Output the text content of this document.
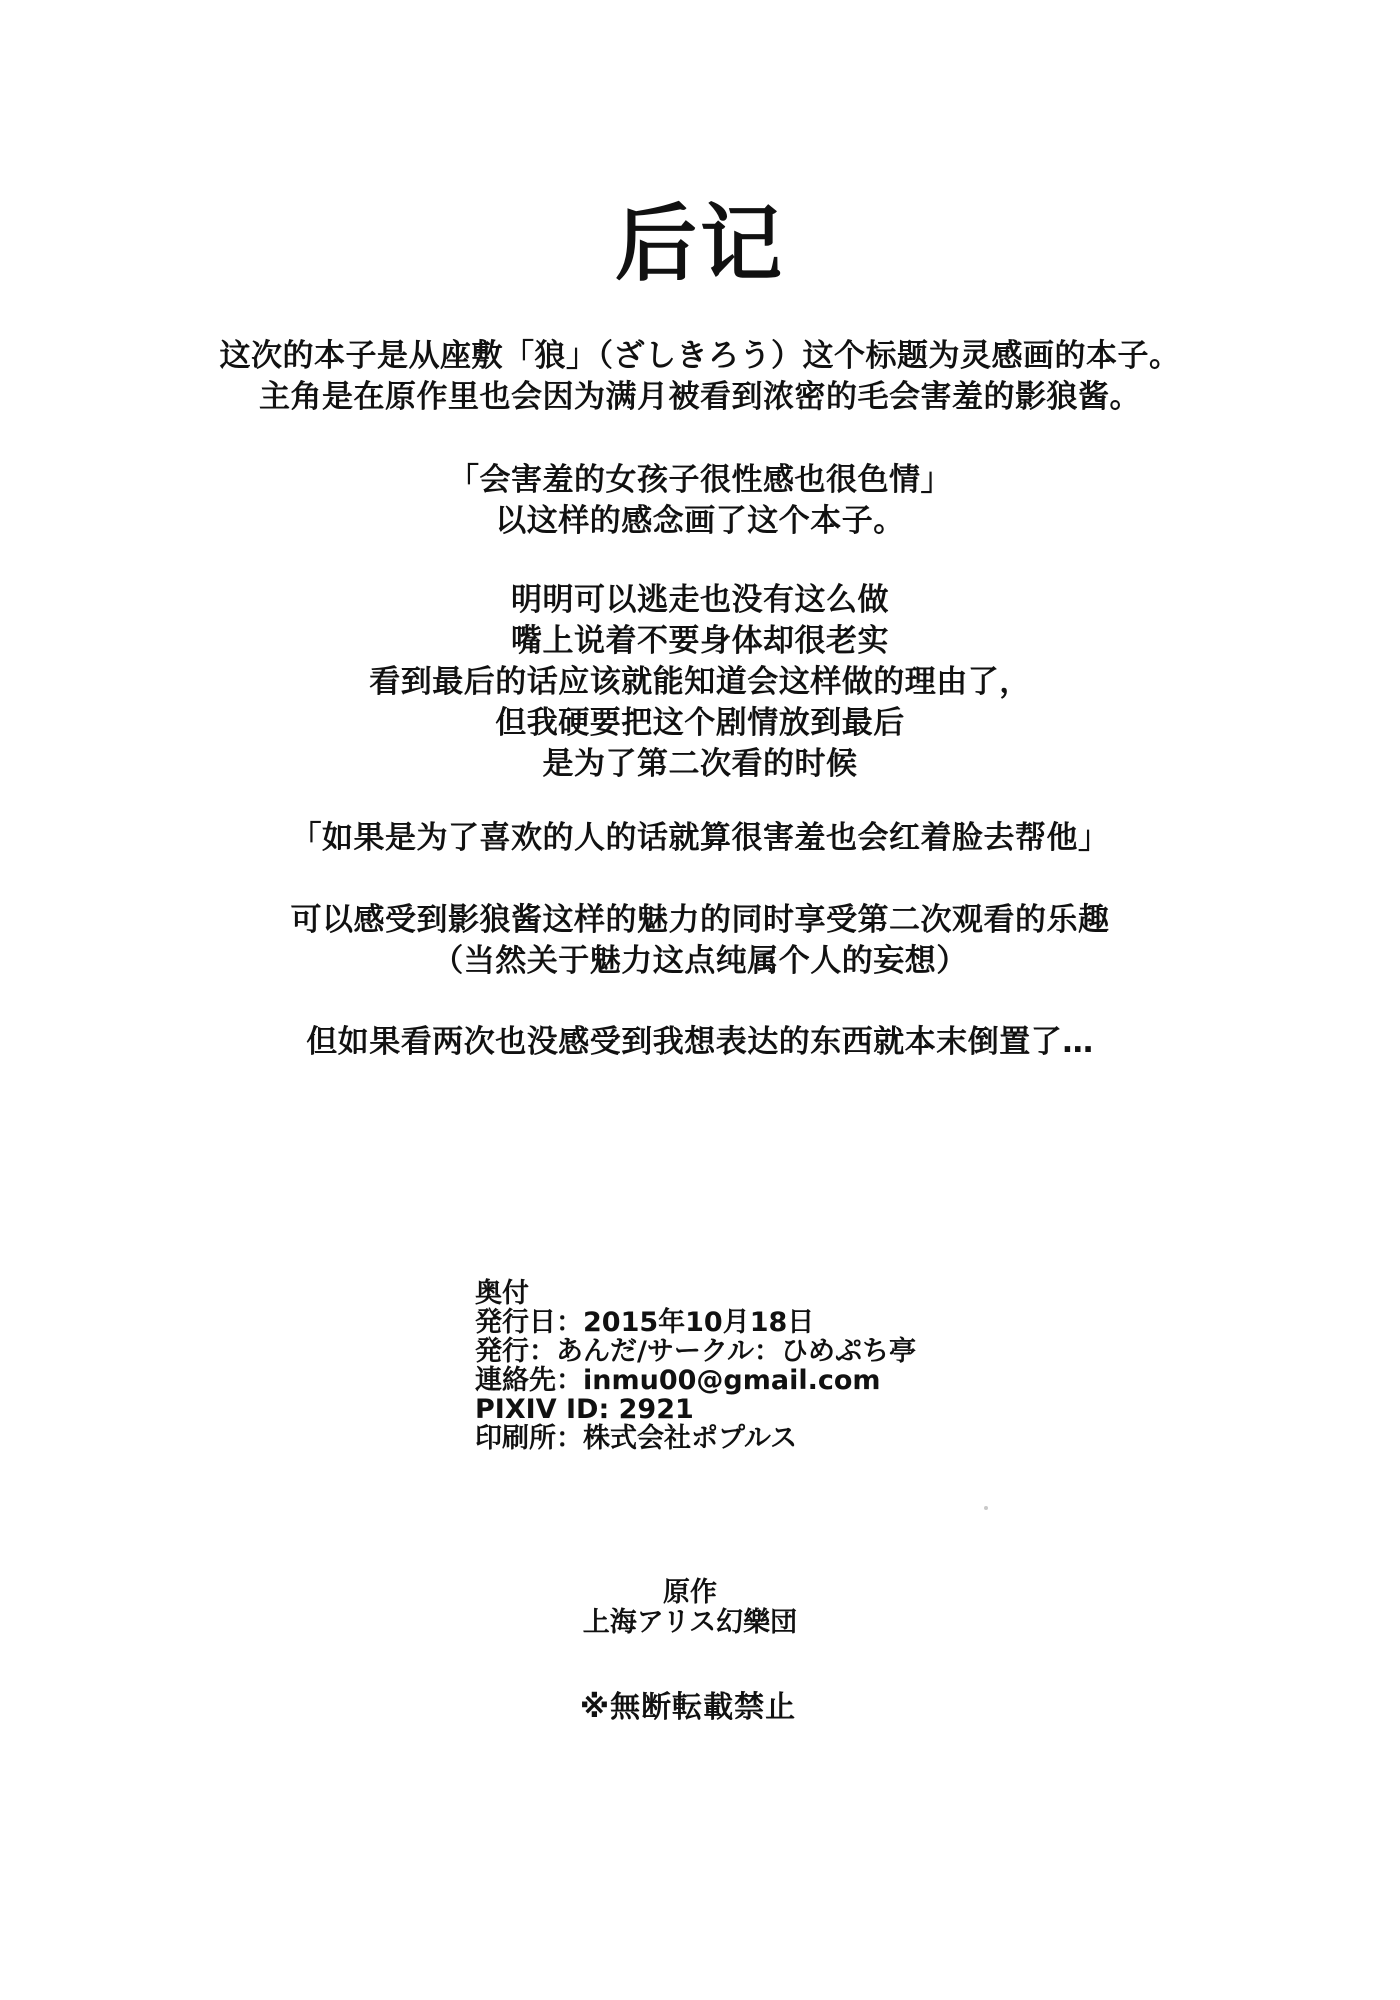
后记
这次的本子是从座敷「狼」（ざしきろう）这个标题为灵感画的本子。
主角是在原作里也会因为满月被看到浓密的毛会害羞的影狼酱。
「会害羞的女孩子很性感也很色情」
以这样的感念画了这个本子。
明明可以逃走也没有这么做
嘴上说着不要身体却很老实
看到最后的话应该就能知道会这样做的理由了，
但我硬要把这个剧情放到最后
是为了第二次看的时候
「如果是为了喜欢的人的话就算很害羞也会红着脸去帮他」
可以感受到影狼酱这样的魅力的同时享受第二次观看的乐趣
（当然关于魅力这点纯属个人的妄想）
但如果看两次也没感受到我想表达的东西就本末倒置了…
奥付
発行日：2015年10月18日
発行：あんだ/サークル：ひめぷち亭
連絡先：inmu00@gmail.com
PIXIV ID: 2921
印刷所：株式会社ポプルス
原作
上海アリス幻樂団
※無断転載禁止
